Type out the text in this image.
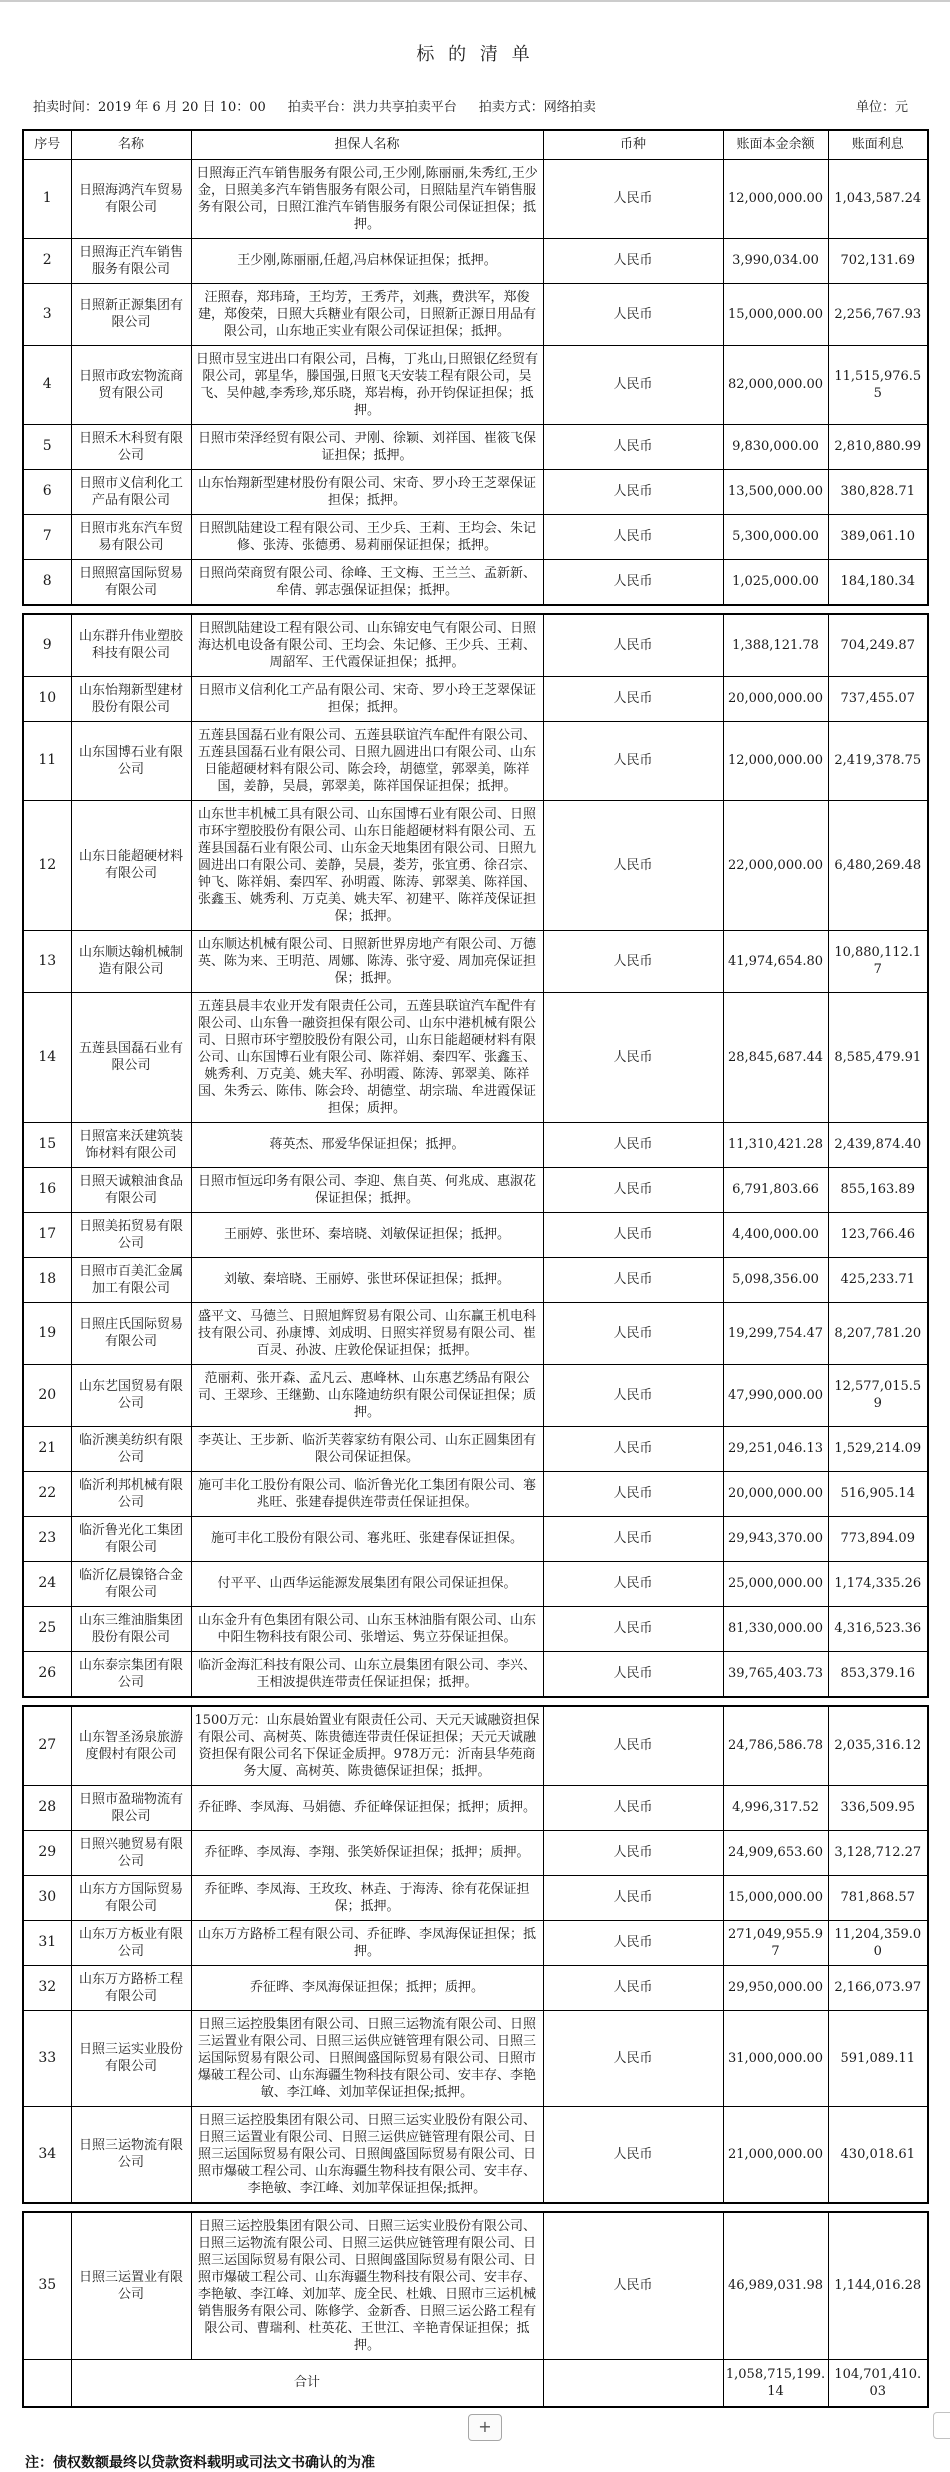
标 的 清 单
拍卖时间：2019 年 6 月 20 日 10：00 拍卖平台：洪力共享拍卖平台 拍卖方式：网络拍卖	单位：元
序号	名称	担保人名称	币种	账面本金余额	账面利息
1	日照海鸿汽车贸易有限公司	日照海正汽车销售服务有限公司,王少刚,陈丽丽,朱秀红,王少金，日照美多汽车销售服务有限公司，日照陆星汽车销售服务有限公司，日照江淮汽车销售服务有限公司保证担保；抵押。	人民币	12,000,000.00	1,043,587.24
2	日照海正汽车销售服务有限公司	王少刚,陈丽丽,任超,冯启林保证担保；抵押。	人民币	3,990,034.00	702,131.69
3	日照新正源集团有限公司	汪照春，郑玮琦，王均芳，王秀芹，刘燕，费洪军，郑俊建，郑俊荣，日照大兵糖业有限公司，日照新正源日用品有限公司，山东地正实业有限公司保证担保；抵押。	人民币	15,000,000.00	2,256,767.93
4	日照市政宏物流商贸有限公司	日照市昱宝进出口有限公司，吕梅，丁兆山,日照银亿经贸有限公司，郭星华，滕国强,日照飞天安装工程有限公司，吴飞、吴仲越,李秀珍,郑乐晓，郑岩梅，孙开钧保证担保；抵押。	人民币	82,000,000.00	11,515,976.55
5	日照禾木科贸有限公司	日照市荣泽经贸有限公司、尹刚、徐颖、刘祥国、崔筱飞保证担保；抵押。	人民币	9,830,000.00	2,810,880.99
6	日照市义信利化工产品有限公司	山东怡翔新型建材股份有限公司、宋奇、罗小玲王芝翠保证担保；抵押。	人民币	13,500,000.00	380,828.71
7	日照市兆东汽车贸易有限公司	日照凯陆建设工程有限公司、王少兵、王莉、王均会、朱记修、张涛、张德勇、易莉丽保证担保；抵押。	人民币	5,300,000.00	389,061.10
8	日照照富国际贸易有限公司	日照尚荣商贸有限公司、徐峰、王文梅、王兰兰、孟新新、牟倩、郭志强保证担保；抵押。	人民币	1,025,000.00	184,180.34
9	山东群升伟业塑胶科技有限公司	日照凯陆建设工程有限公司、山东锦安电气有限公司、日照海达机电设备有限公司、王均会、朱记修、王少兵、王莉、周韶军、王代霞保证担保；抵押。	人民币	1,388,121.78	704,249.87
10	山东怡翔新型建材股份有限公司	日照市义信利化工产品有限公司、宋奇、罗小玲王芝翠保证担保；抵押。	人民币	20,000,000.00	737,455.07
11	山东国博石业有限公司	五莲县国磊石业有限公司、五莲县联谊汽车配件有限公司、五莲县国磊石业有限公司、日照九圆进出口有限公司、山东日能超硬材料有限公司、陈会玲，胡德堂，郭翠美，陈祥国，姜静，吴晨，郭翠美，陈祥国保证担保；抵押。	人民币	12,000,000.00	2,419,378.75
12	山东日能超硬材料有限公司	山东世丰机械工具有限公司、山东国博石业有限公司、日照市环宇塑胶股份有限公司、山东日能超硬材料有限公司、五莲县国磊石业有限公司、山东金天地集团有限公司、日照九圆进出口有限公司、姜静，吴晨，娄芳，张宜勇、徐召宗、钟飞、陈祥娟、秦四军、孙明霞、陈涛、郭翠美、陈祥国、张鑫玉、姚秀利、万克美、姚夫军、初建平、陈祥茂保证担保；抵押。	人民币	22,000,000.00	6,480,269.48
13	山东顺达翰机械制造有限公司	山东顺达机械有限公司、日照新世界房地产有限公司、万德英、陈为来、王明范、周娜、陈涛、张守爱、周加亮保证担保；抵押。	人民币	41,974,654.80	10,880,112.17
14	五莲县国磊石业有限公司	五莲县晨丰农业开发有限责任公司，五莲县联谊汽车配件有限公司、山东鲁一融资担保有限公司、山东中港机械有限公司、日照市环宇塑胶股份有限公司，山东日能超硬材料有限公司、山东国博石业有限公司、陈祥娟、秦四军、张鑫玉、姚秀利、万克美、姚夫军、孙明霞、陈涛、郭翠美、陈祥国、朱秀云、陈伟、陈会玲、胡德堂、胡宗瑞、牟进霞保证担保；质押。	人民币	28,845,687.44	8,585,479.91
15	日照富来沃建筑装饰材料有限公司	蒋英杰、邢爱华保证担保；抵押。	人民币	11,310,421.28	2,439,874.40
16	日照天诚粮油食品有限公司	日照市恒远印务有限公司、李迎、焦自英、何兆成、惠淑花保证担保；抵押。	人民币	6,791,803.66	855,163.89
17	日照美拓贸易有限公司	王丽婷、张世环、秦培晓、刘敏保证担保；抵押。	人民币	4,400,000.00	123,766.46
18	日照市百美汇金属加工有限公司	刘敏、秦培晓、王丽婷、张世环保证担保；抵押。	人民币	5,098,356.00	425,233.71
19	日照庄氏国际贸易有限公司	盛平文、马德兰、日照旭辉贸易有限公司、山东赢王机电科技有限公司、孙康博、刘成明、日照实祥贸易有限公司、崔百灵、孙波、庄敦伦保证担保；抵押。	人民币	19,299,754.47	8,207,781.20
20	山东艺国贸易有限公司	范丽莉、张开森、孟凡云、惠峰林、山东惠艺绣品有限公司、王翠珍、王继勤、山东隆迪纺织有限公司保证担保；质押。	人民币	47,990,000.00	12,577,015.59
21	临沂澳美纺织有限公司	李英让、王步新、临沂芙蓉家纺有限公司、山东正圆集团有限公司保证担保。	人民币	29,251,046.13	1,529,214.09
22	临沂利邦机械有限公司	施可丰化工股份有限公司、临沂鲁光化工集团有限公司、寋兆旺、张建春提供连带责任保证担保。	人民币	20,000,000.00	516,905.14
23	临沂鲁光化工集团有限公司	施可丰化工股份有限公司、寋兆旺、张建春保证担保。	人民币	29,943,370.00	773,894.09
24	临沂亿晨镍铬合金有限公司	付平平、山西华运能源发展集团有限公司保证担保。	人民币	25,000,000.00	1,174,335.26
25	山东三维油脂集团股份有限公司	山东金升有色集团有限公司、山东玉林油脂有限公司、山东中阳生物科技有限公司、张增运、隽立芬保证担保。	人民币	81,330,000.00	4,316,523.36
26	山东泰宗集团有限公司	临沂金海汇科技有限公司、山东立晨集团有限公司、李兴、王相波提供连带责任保证担保；抵押。	人民币	39,765,403.73	853,379.16
27	山东智圣汤泉旅游度假村有限公司	1500万元：山东晨始置业有限责任公司、天元天诚融资担保有限公司、高树英、陈贵德连带责任保证担保；天元天诚融资担保有限公司名下保证金质押。978万元：沂南县华苑商务大厦、高树英、陈贵德保证担保；抵押。	人民币	24,786,586.78	2,035,316.12
28	日照市盈瑞物流有限公司	乔征晔、李凤海、马娟德、乔征峰保证担保；抵押；质押。	人民币	4,996,317.52	336,509.95
29	日照兴驰贸易有限公司	乔征晔、李凤海、李翔、张笑娇保证担保；抵押；质押。	人民币	24,909,653.60	3,128,712.27
30	山东方方国际贸易有限公司	乔征晔、李凤海、王玫玫、林垚、于海涛、徐有花保证担保；抵押。	人民币	15,000,000.00	781,868.57
31	山东万方板业有限公司	山东万方路桥工程有限公司、乔征晔、李凤海保证担保；抵押。	人民币	271,049,955.97	11,204,359.00
32	山东万方路桥工程有限公司	乔征晔、李凤海保证担保；抵押；质押。	人民币	29,950,000.00	2,166,073.97
33	日照三运实业股份有限公司	日照三运控股集团有限公司、日照三运物流有限公司、日照三运置业有限公司、日照三运供应链管理有限公司、日照三运国际贸易有限公司、日照闽盛国际贸易有限公司、日照市爆破工程公司、山东海疆生物科技有限公司、安丰存、李艳敏、李江峰、刘加苹保证担保;抵押。	人民币	31,000,000.00	591,089.11
34	日照三运物流有限公司	日照三运控股集团有限公司、日照三运实业股份有限公司、日照三运置业有限公司、日照三运供应链管理有限公司、日照三运国际贸易有限公司、日照闽盛国际贸易有限公司、日照市爆破工程公司、山东海疆生物科技有限公司、安丰存、李艳敏、李江峰、刘加苹保证担保;抵押。	人民币	21,000,000.00	430,018.61
35	日照三运置业有限公司	日照三运控股集团有限公司、日照三运实业股份有限公司、日照三运物流有限公司、日照三运供应链管理有限公司、日照三运国际贸易有限公司、日照闽盛国际贸易有限公司、日照市爆破工程公司、山东海疆生物科技有限公司、安丰存、李艳敏、李江峰、刘加苹、庞全民、杜娥、日照市三运机械销售服务有限公司、陈修学、金新香、日照三运公路工程有限公司、曹瑞利、杜英花、王世江、辛艳青保证担保；抵押。	人民币	46,989,031.98	1,144,016.28
	合计			1,058,715,199.14	104,701,410.03
+
注：债权数额最终以贷款资料载明或司法文书确认的为准
